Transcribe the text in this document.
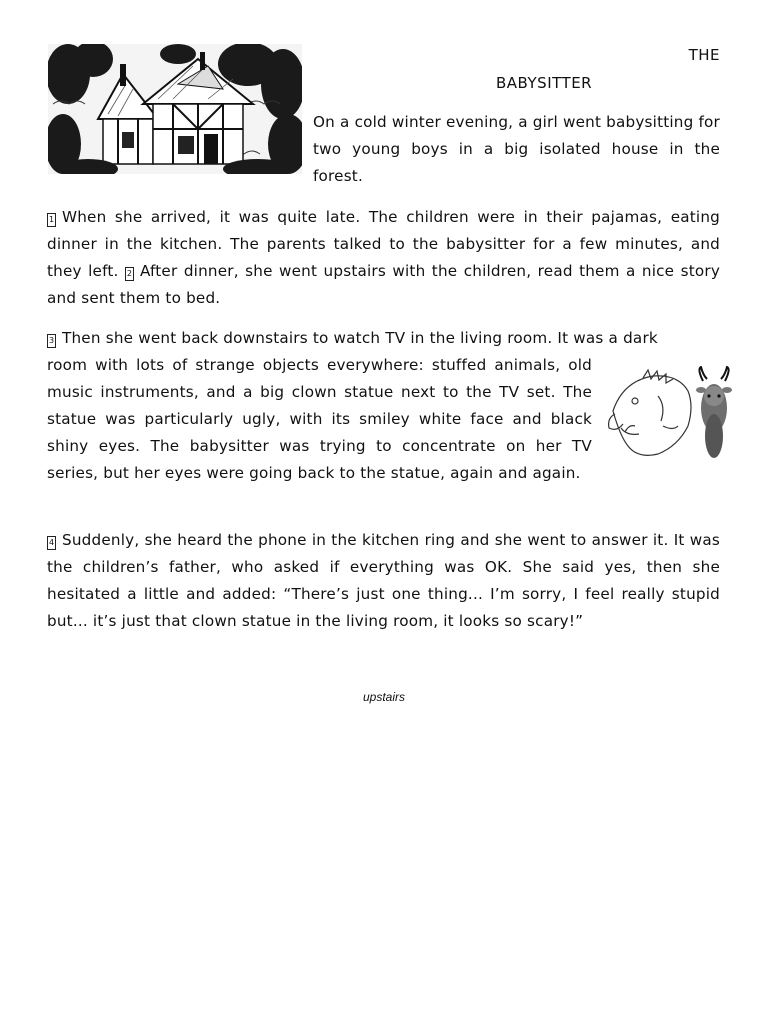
THE
BABYSITTER

On a cold winter evening, a girl went babysitting for two young boys in a big isolated house in the forest.

1 When she arrived, it was quite late. The children were in their pajamas, eating dinner in the kitchen. The parents talked to the babysitter for a few minutes, and they left. 2 After dinner, she went upstairs with the children, read them a nice story and sent them to bed.

3 Then she went back downstairs to watch TV in the living room. It was a dark

room with lots of strange objects everywhere: stuffed animals, old music instruments, and a big clown statue next to the TV set. The statue was particularly ugly, with its smiley white face and black shiny eyes. The babysitter was trying to concentrate on her TV series, but her eyes were going back to the statue, again and again.

4 Suddenly, she heard the phone in the kitchen ring and she went to answer it. It was the children’s father, who asked if everything was OK. She said yes, then she hesitated a little and added: “There’s just one thing... I’m sorry, I feel really stupid but... it’s just that clown statue in the living room, it looks so scary!”

upstairs
